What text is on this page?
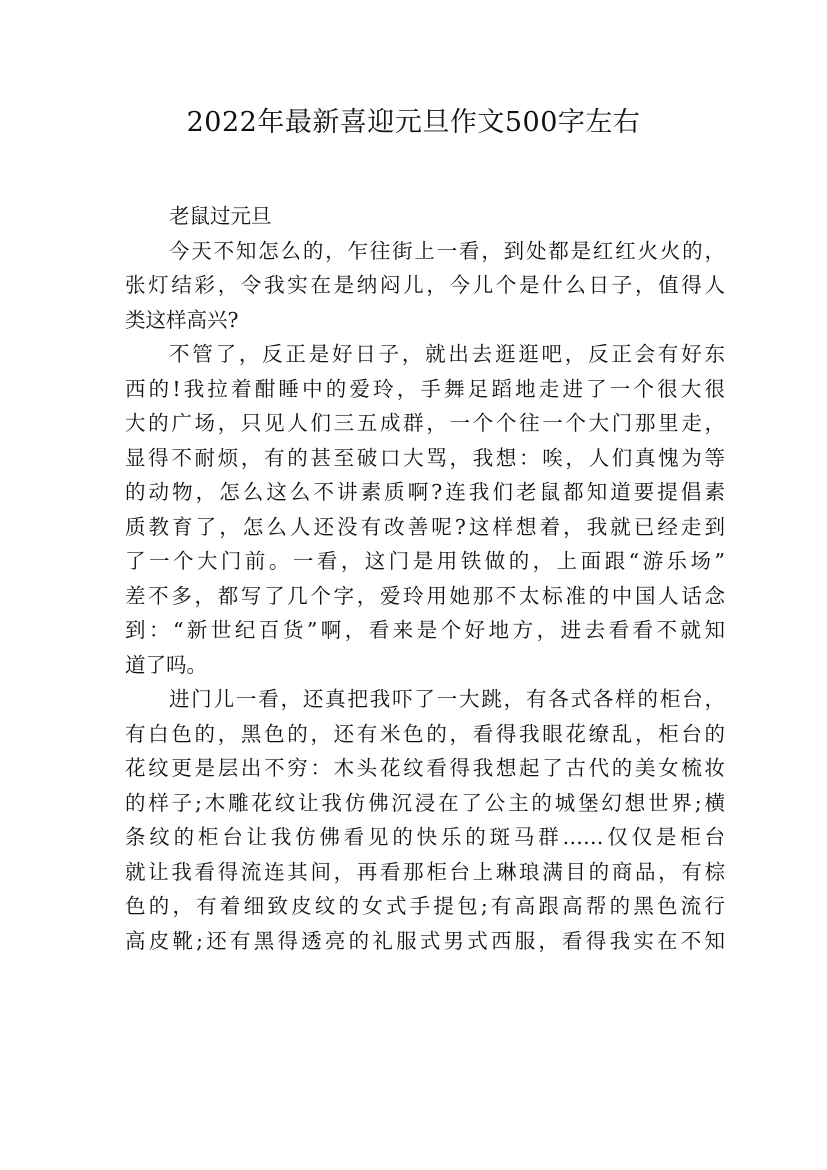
2022年最新喜迎元旦作文500字左右
老鼠过元旦
今天不知怎么的，乍往街上一看，到处都是红红火火的，
张灯结彩，令我实在是纳闷儿，今儿个是什么日子，值得人
类这样高兴?
不管了，反正是好日子，就出去逛逛吧，反正会有好东
西的!我拉着酣睡中的爱玲，手舞足蹈地走进了一个很大很
大的广场，只见人们三五成群，一个个往一个大门那里走，
显得不耐烦，有的甚至破口大骂，我想：唉，人们真愧为等
的动物，怎么这么不讲素质啊?连我们老鼠都知道要提倡素
质教育了，怎么人还没有改善呢?这样想着，我就已经走到
了一个大门前。一看，这门是用铁做的，上面跟“游乐场”
差不多，都写了几个字，爱玲用她那不太标准的中国人话念
到：“新世纪百货”啊，看来是个好地方，进去看看不就知
道了吗。
进门儿一看，还真把我吓了一大跳，有各式各样的柜台，
有白色的，黑色的，还有米色的，看得我眼花缭乱，柜台的
花纹更是层出不穷：木头花纹看得我想起了古代的美女梳妆
的样子;木雕花纹让我仿佛沉浸在了公主的城堡幻想世界;横
条纹的柜台让我仿佛看见的快乐的斑马群……仅仅是柜台
就让我看得流连其间，再看那柜台上琳琅满目的商品，有棕
色的，有着细致皮纹的女式手提包;有高跟高帮的黑色流行
高皮靴;还有黑得透亮的礼服式男式西服，看得我实在不知
